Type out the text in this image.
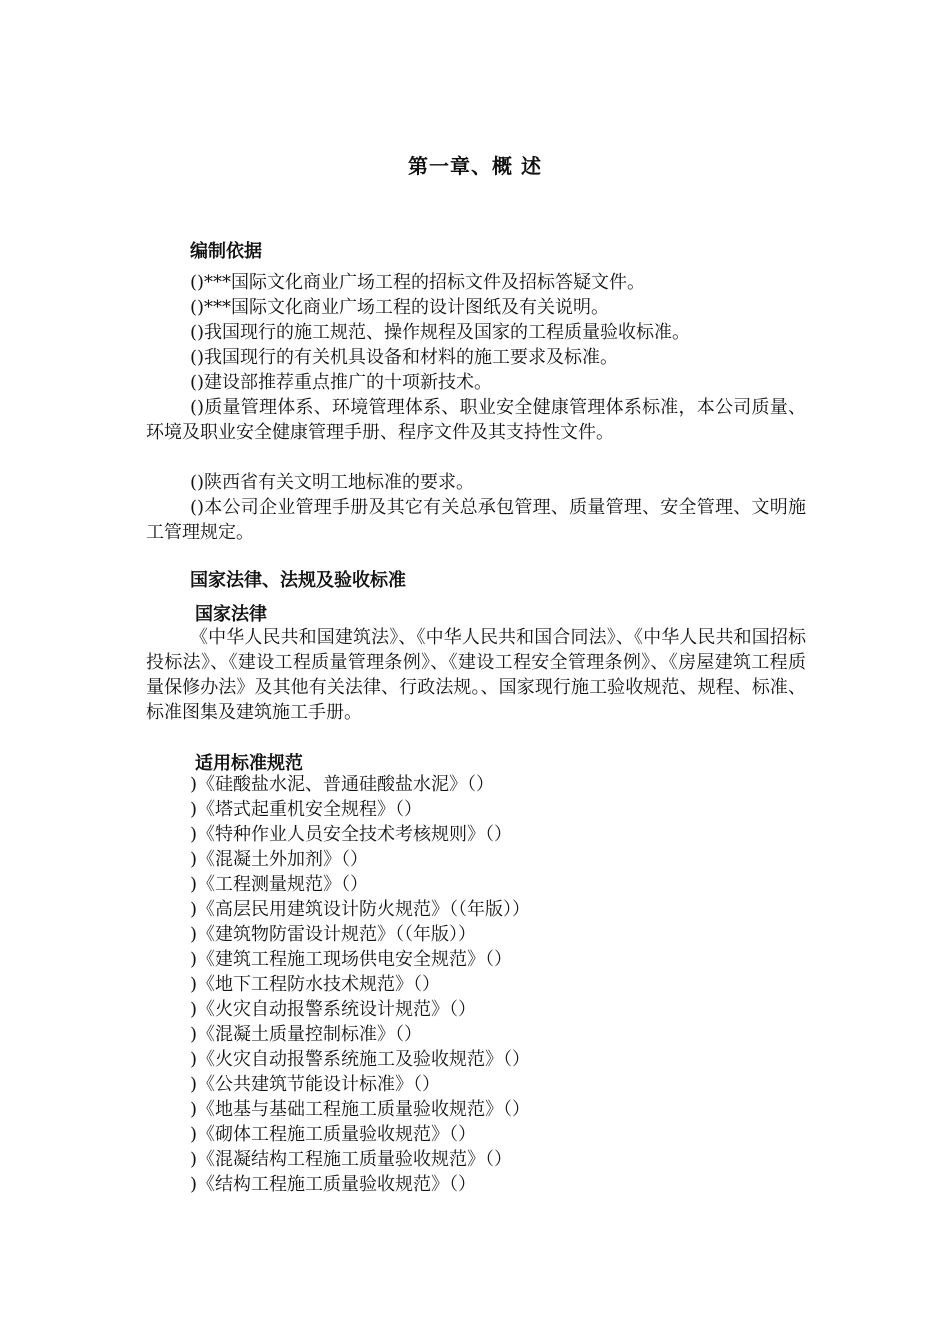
第一章、概 述
编制依据
()***国际文化商业广场工程的招标文件及招标答疑文件。
()***国际文化商业广场工程的设计图纸及有关说明。
()我国现行的施工规范、操作规程及国家的工程质量验收标准。
()我国现行的有关机具设备和材料的施工要求及标准。
()建设部推荐重点推广的十项新技术。
()质量管理体系、环境管理体系、职业安全健康管理体系标准，本公司质量、环境及职业安全健康管理手册、程序文件及其支持性文件。
()陕西省有关文明工地标准的要求。
()本公司企业管理手册及其它有关总承包管理、质量管理、安全管理、文明施工管理规定。
国家法律、法规及验收标准
国家法律
《中华人民共和国建筑法》、《中华人民共和国合同法》、《中华人民共和国招标投标法》、《建设工程质量管理条例》、《建设工程安全管理条例》、《房屋建筑工程质量保修办法》及其他有关法律、行政法规。、国家现行施工验收规范、规程、标准、标准图集及建筑施工手册。
适用标准规范
)《硅酸盐水泥、普通硅酸盐水泥》（）
)《塔式起重机安全规程》（）
)《特种作业人员安全技术考核规则》（）
)《混凝土外加剂》（）
)《工程测量规范》（）
)《高层民用建筑设计防火规范》（（年版））
)《建筑物防雷设计规范》（（年版））
)《建筑工程施工现场供电安全规范》（）
)《地下工程防水技术规范》（）
)《火灾自动报警系统设计规范》（）
)《混凝土质量控制标准》（）
)《火灾自动报警系统施工及验收规范》（）
)《公共建筑节能设计标准》（）
)《地基与基础工程施工质量验收规范》（）
)《砌体工程施工质量验收规范》（）
)《混凝结构工程施工质量验收规范》（）
)《结构工程施工质量验收规范》（）
